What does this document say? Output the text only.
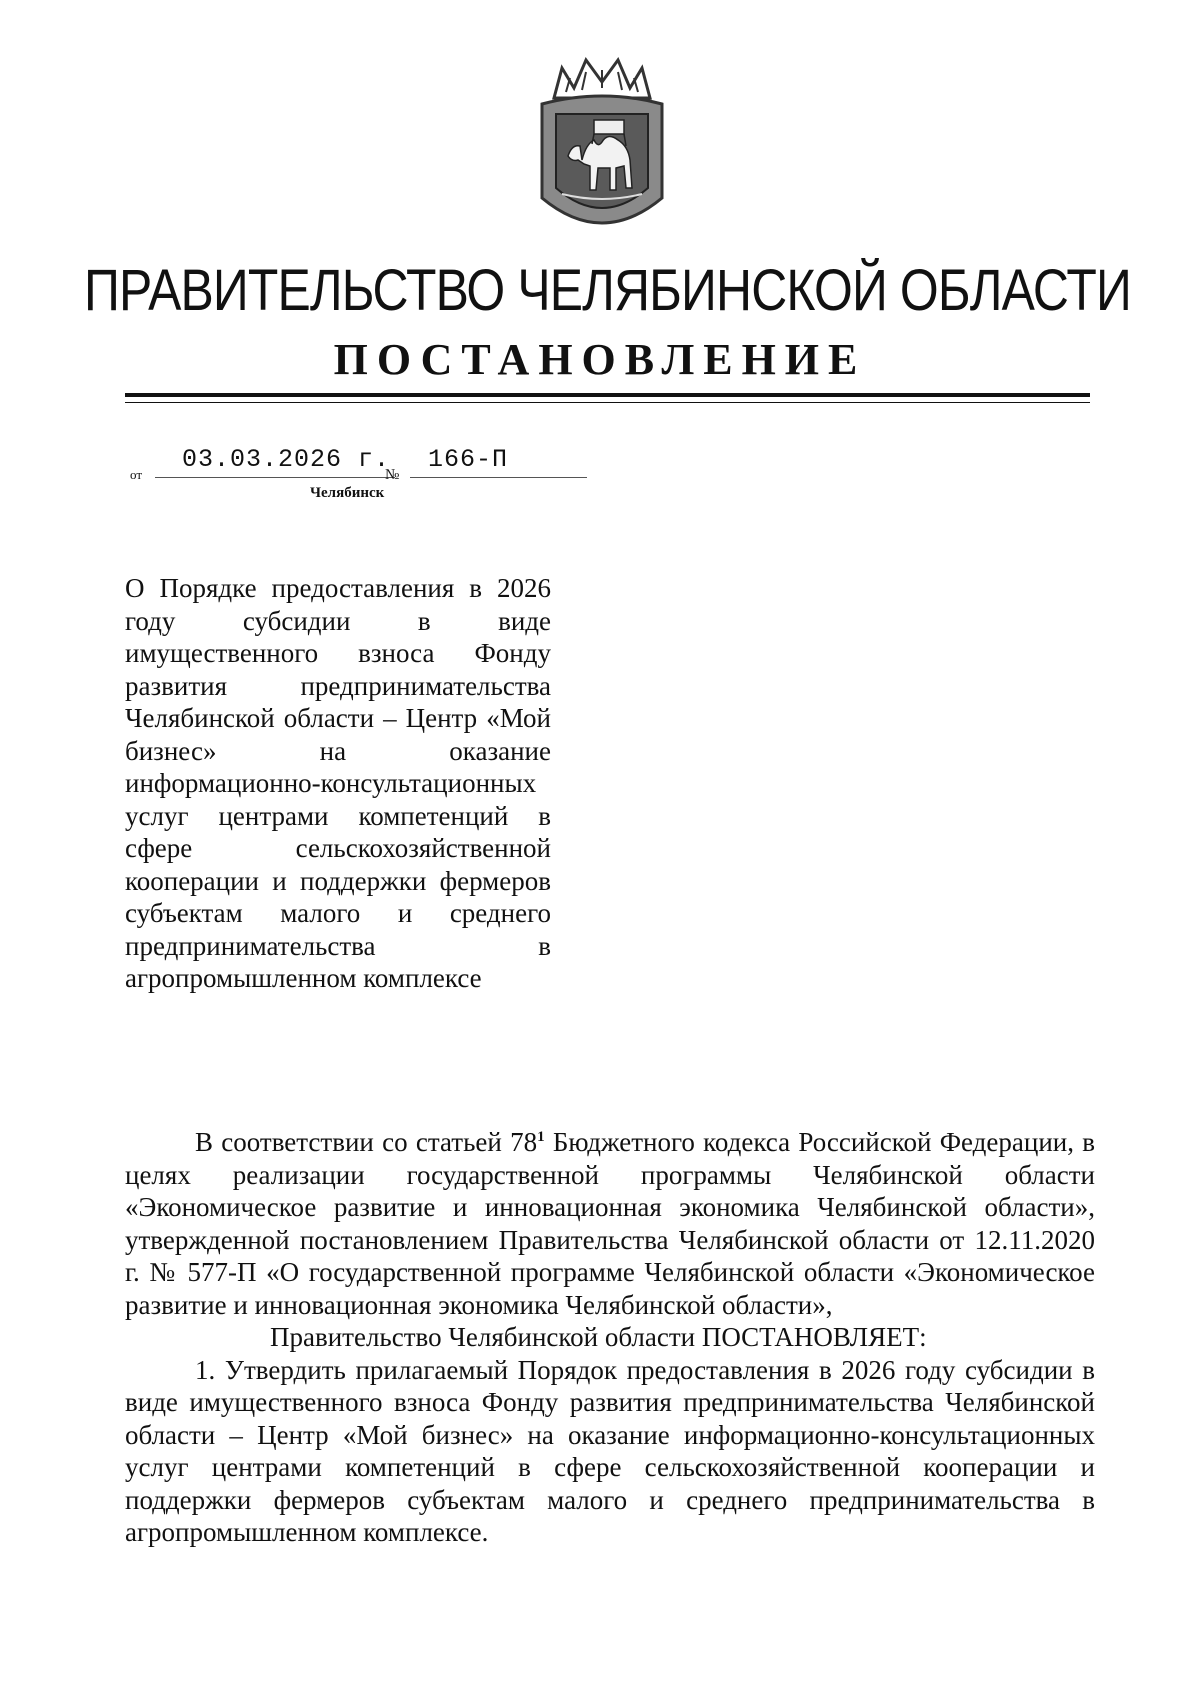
ПРАВИТЕЛЬСТВО ЧЕЛЯБИНСКОЙ ОБЛАСТИ
ПОСТАНОВЛЕНИЕ
от
03.03.2026 г.
№
166-П
Челябинск
О Порядке предоставления в 2026 году субсидии в виде имущественного взноса Фонду развития предпринимательства Челябинской области – Центр «Мой бизнес» на оказание информационно-консультационных услуг центрами компетенций в сфере сельскохозяйственной кооперации и поддержки фермеров субъектам малого и среднего предпринимательства в агропромышленном комплексе

В соответствии со статьей $78^1$ Бюджетного кодекса Российской Федерации, в целях реализации государственной программы Челябинской области «Экономическое развитие и инновационная экономика Челябинской области», утвержденной постановлением Правительства Челябинской области от 12.11.2020 г. № 577-П «О государственной программе Челябинской области «Экономическое развитие и инновационная экономика Челябинской области»,

Правительство Челябинской области ПОСТАНОВЛЯЕТ:

1. Утвердить прилагаемый Порядок предоставления в 2026 году субсидии в виде имущественного взноса Фонду развития предпринимательства Челябинской области – Центр «Мой бизнес» на оказание информационно-консультационных услуг центрами компетенций в сфере сельскохозяйственной кооперации и поддержки фермеров субъектам малого и среднего предпринимательства в агропромышленном комплексе.
